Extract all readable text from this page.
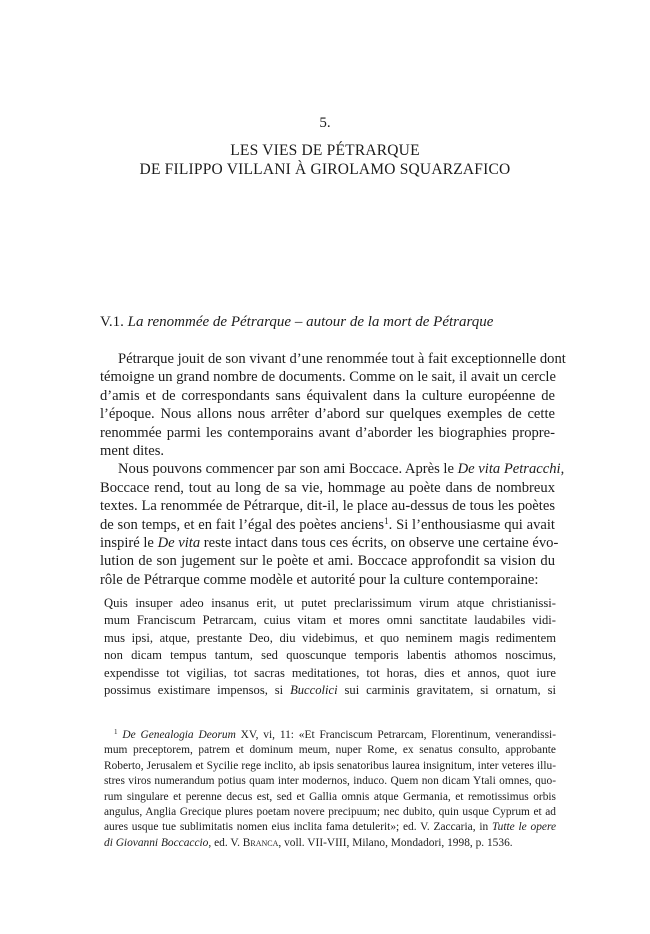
5.
LES VIES DE PÉTRARQUE
DE FILIPPO VILLANI À GIROLAMO SQUARZAFICO
V.1. La renommée de Pétrarque – autour de la mort de Pétrarque
Pétrarque jouit de son vivant d’une renommée tout à fait exceptionnelle dont
témoigne un grand nombre de documents. Comme on le sait, il avait un cercle
d’amis et de correspondants sans équivalent dans la culture européenne de
l’époque. Nous allons nous arrêter d’abord sur quelques exemples de cette
renommée parmi les contemporains avant d’aborder les biographies propre-
ment dites.
Nous pouvons commencer par son ami Boccace. Après le De vita Petracchi,
Boccace rend, tout au long de sa vie, hommage au poète dans de nombreux
textes. La renommée de Pétrarque, dit-il, le place au-dessus de tous les poètes
de son temps, et en fait l’égal des poètes anciens$^1$. Si l’enthousiasme qui avait
inspiré le De vita reste intact dans tous ces écrits, on observe une certaine évo-
lution de son jugement sur le poète et ami. Boccace approfondit sa vision du
rôle de Pétrarque comme modèle et autorité pour la culture contemporaine:
Quis insuper adeo insanus erit, ut putet preclarissimum virum atque christianissi-
mum Franciscum Petrarcam, cuius vitam et mores omni sanctitate laudabiles vidi-
mus ipsi, atque, prestante Deo, diu videbimus, et quo neminem magis redimentem
non dicam tempus tantum, sed quoscunque temporis labentis athomos noscimus,
expendisse tot vigilias, tot sacras meditationes, tot horas, dies et annos, quot iure
possimus existimare impensos, si Buccolici sui carminis gravitatem, si ornatum, si
$^1$ De Genealogia Deorum XV, vi, 11: «Et Franciscum Petrarcam, Florentinum, venerandissi-
mum preceptorem, patrem et dominum meum, nuper Rome, ex senatus consulto, approbante
Roberto, Jerusalem et Sycilie rege inclito, ab ipsis senatoribus laurea insignitum, inter veteres illu-
stres viros numerandum potius quam inter modernos, induco. Quem non dicam Ytali omnes, quo-
rum singulare et perenne decus est, sed et Gallia omnis atque Germania, et remotissimus orbis
angulus, Anglia Grecique plures poetam novere precipuum; nec dubito, quin usque Cyprum et ad
aures usque tue sublimitatis nomen eius inclita fama detulerit»; ed. V. Zaccaria, in Tutte le opere
di Giovanni Boccaccio, ed. V. Branca, voll. VII-VIII, Milano, Mondadori, 1998, p. 1536.
